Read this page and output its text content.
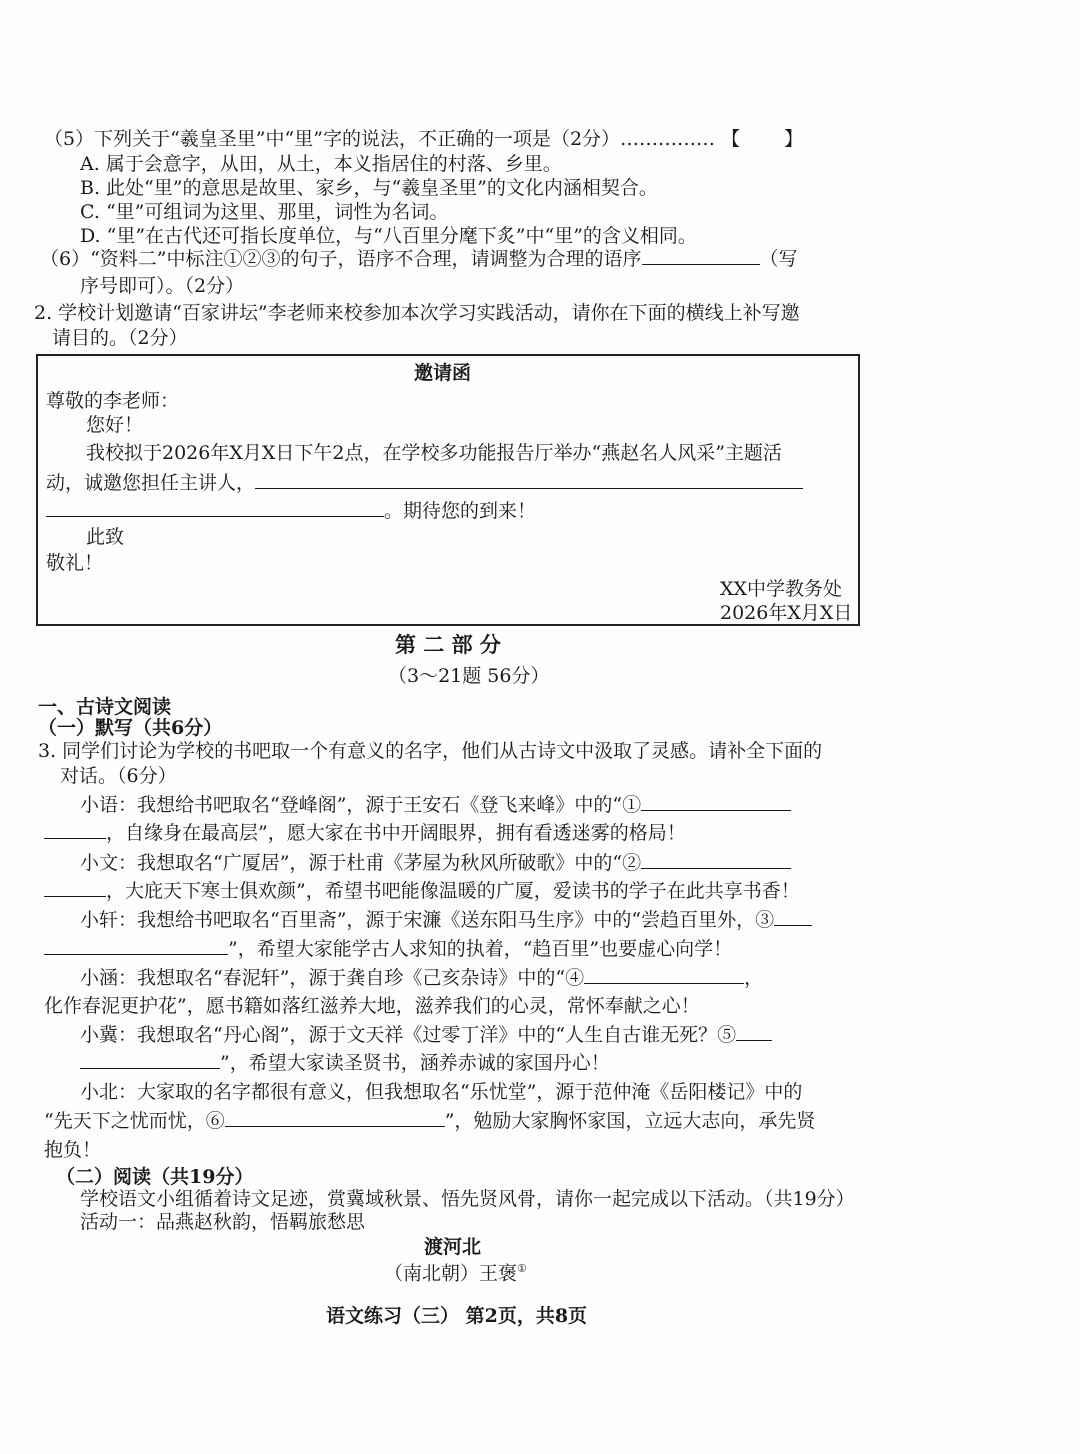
（5）下列关于“羲皇圣里”中“里”字的说法，不正确的一项是（2分）…………… 【 】
A. 属于会意字，从田，从土，本义指居住的村落、乡里。
B. 此处“里”的意思是故里、家乡，与“羲皇圣里”的文化内涵相契合。
C. “里”可组词为这里、那里，词性为名词。
D. “里”在古代还可指长度单位，与“八百里分麾下炙”中“里”的含义相同。
（6）“资料二”中标注①②③的句子，语序不合理，请调整为合理的语序	（写
序号即可）。（2分）
2. 学校计划邀请“百家讲坛”李老师来校参加本次学习实践活动，请你在下面的横线上补写邀
请目的。（2分）
邀请函
尊敬的李老师：
您好！
我校拟于2026年X月X日下午2点，在学校多功能报告厅举办“燕赵名人风采”主题活
动，诚邀您担任主讲人，
。期待您的到来！
此致
敬礼！
XX中学教务处
2026年X月X日
第 二 部 分
（3～21题 56分）
一、古诗文阅读
（一）默写（共6分）
3. 同学们讨论为学校的书吧取一个有意义的名字，他们从古诗文中汲取了灵感。请补全下面的
对话。（6分）
小语：我想给书吧取名“登峰阁”，源于王安石《登飞来峰》中的“①
，自缘身在最高层”，愿大家在书中开阔眼界，拥有看透迷雾的格局！
小文：我想取名“广厦居”，源于杜甫《茅屋为秋风所破歌》中的“②
，大庇天下寒士俱欢颜”，希望书吧能像温暖的广厦，爱读书的学子在此共享书香！
小轩：我想给书吧取名“百里斋”，源于宋濂《送东阳马生序》中的“尝趋百里外，③
”，希望大家能学古人求知的执着，“趋百里”也要虚心向学！
小涵：我想取名“春泥轩”，源于龚自珍《己亥杂诗》中的“④	，
化作春泥更护花”，愿书籍如落红滋养大地，滋养我们的心灵，常怀奉献之心！
小冀：我想取名“丹心阁”，源于文天祥《过零丁洋》中的“人生自古谁无死？⑤
”，希望大家读圣贤书，涵养赤诚的家国丹心！
小北：大家取的名字都很有意义，但我想取名“乐忧堂”，源于范仲淹《岳阳楼记》中的
“先天下之忧而忧，⑥	”，勉励大家胸怀家国，立远大志向，承先贤
抱负！
（二）阅读（共19分）
学校语文小组循着诗文足迹，赏冀域秋景、悟先贤风骨，请你一起完成以下活动。（共19分）
活动一：品燕赵秋韵，悟羁旅愁思
渡河北
（南北朝）王褒①
语文练习（三） 第2页，共8页
